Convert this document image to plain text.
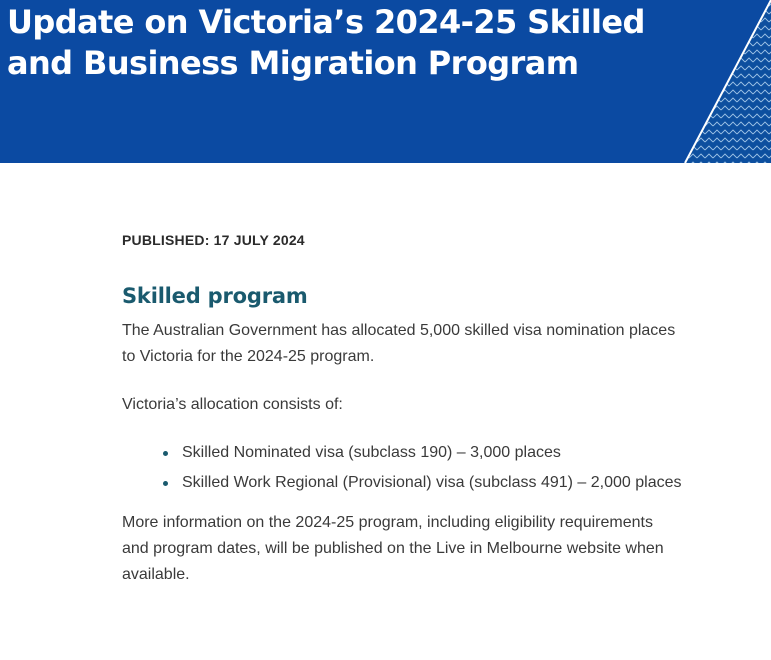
Update on Victoria’s 2024-25 Skilled and Business Migration Program

PUBLISHED: 17 JULY 2024

Skilled program

The Australian Government has allocated 5,000 skilled visa nomination places to Victoria for the 2024-25 program.

Victoria’s allocation consists of:

Skilled Nominated visa (subclass 190) – 3,000 places
Skilled Work Regional (Provisional) visa (subclass 491) – 2,000 places

More information on the 2024-25 program, including eligibility requirements and program dates, will be published on the Live in Melbourne website when available.
